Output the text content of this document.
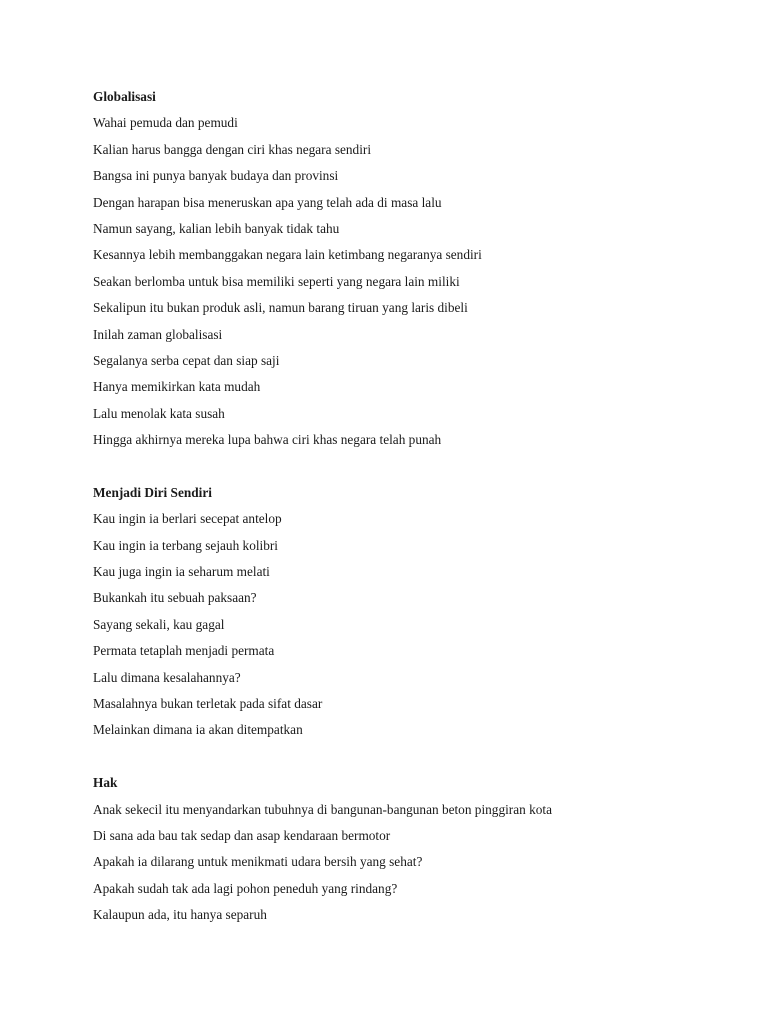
Globalisasi

Wahai pemuda dan pemudi

Kalian harus bangga dengan ciri khas negara sendiri

Bangsa ini punya banyak budaya dan provinsi

Dengan harapan bisa meneruskan apa yang telah ada di masa lalu

Namun sayang, kalian lebih banyak tidak tahu

Kesannya lebih membanggakan negara lain ketimbang negaranya sendiri

Seakan berlomba untuk bisa memiliki seperti yang negara lain miliki

Sekalipun itu bukan produk asli, namun barang tiruan yang laris dibeli

Inilah zaman globalisasi

Segalanya serba cepat dan siap saji

Hanya memikirkan kata mudah

Lalu menolak kata susah

Hingga akhirnya mereka lupa bahwa ciri khas negara telah punah

Menjadi Diri Sendiri

Kau ingin ia berlari secepat antelop

Kau ingin ia terbang sejauh kolibri

Kau juga ingin ia seharum melati

Bukankah itu sebuah paksaan?

Sayang sekali, kau gagal

Permata tetaplah menjadi permata

Lalu dimana kesalahannya?

Masalahnya bukan terletak pada sifat dasar

Melainkan dimana ia akan ditempatkan

Hak

Anak sekecil itu menyandarkan tubuhnya di bangunan-bangunan beton pinggiran kota

Di sana ada bau tak sedap dan asap kendaraan bermotor

Apakah ia dilarang untuk menikmati udara bersih yang sehat?

Apakah sudah tak ada lagi pohon peneduh yang rindang?

Kalaupun ada, itu hanya separuh
